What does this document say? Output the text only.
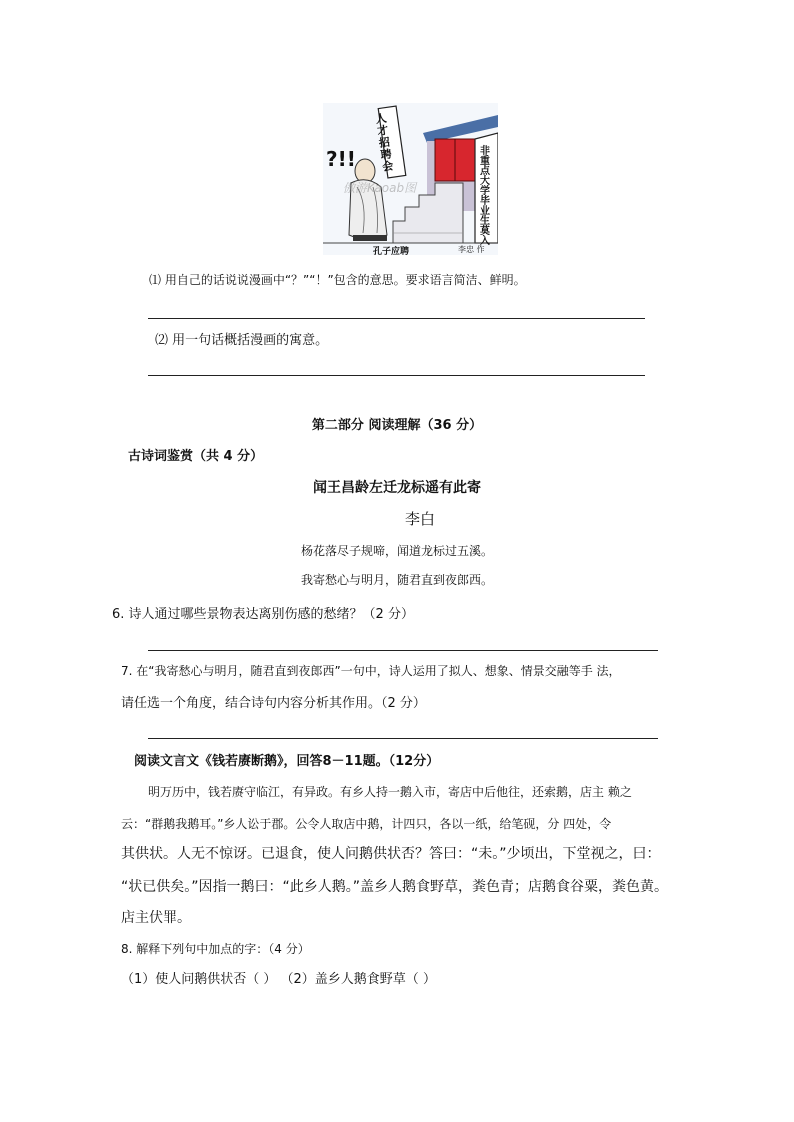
?!!
人才招聘会
非重点大学毕业生莫入
傲游Kaoab图
孔子应聘	李忠 作
⑴ 用自己的话说说漫画中“？”“！”包含的意思。要求语言简洁、鲜明。
⑵ 用一句话概括漫画的寓意。
第二部分 阅读理解（36 分）
古诗词鉴赏（共 4 分）
闻王昌龄左迁龙标遥有此寄
李白
杨花落尽子规啼，闻道龙标过五溪。
我寄愁心与明月，随君直到夜郎西。
6. 诗人通过哪些景物表达离别伤感的愁绪？（2 分）
7. 在“我寄愁心与明月，随君直到夜郎西”一句中，诗人运用了拟人、想象、情景交融等手 法，
请任选一个角度，结合诗句内容分析其作用。（2 分）
阅读文言文《钱若赓断鹅》，回答8－11题。（12分）
明万历中，钱若赓守临江，有异政。有乡人持一鹅入市，寄店中后他往，还索鹅，店主 赖之
云：“群鹅我鹅耳。”乡人讼于郡。公令人取店中鹅，计四只，各以一纸，给笔砚，分 四处，令
其供状。人无不惊讶。已退食，使人问鹅供状否？答曰：“未。”少顷出，下堂视之，曰：
“状已供矣。”因指一鹅曰：“此乡人鹅。”盖乡人鹅食野草，粪色青；店鹅食谷粟，粪色黄。
店主伏罪。
8. 解释下列句中加点的字：（4 分）
（1）使人问鹅供状否（ ） （2）盖乡人鹅食野草（ ）
